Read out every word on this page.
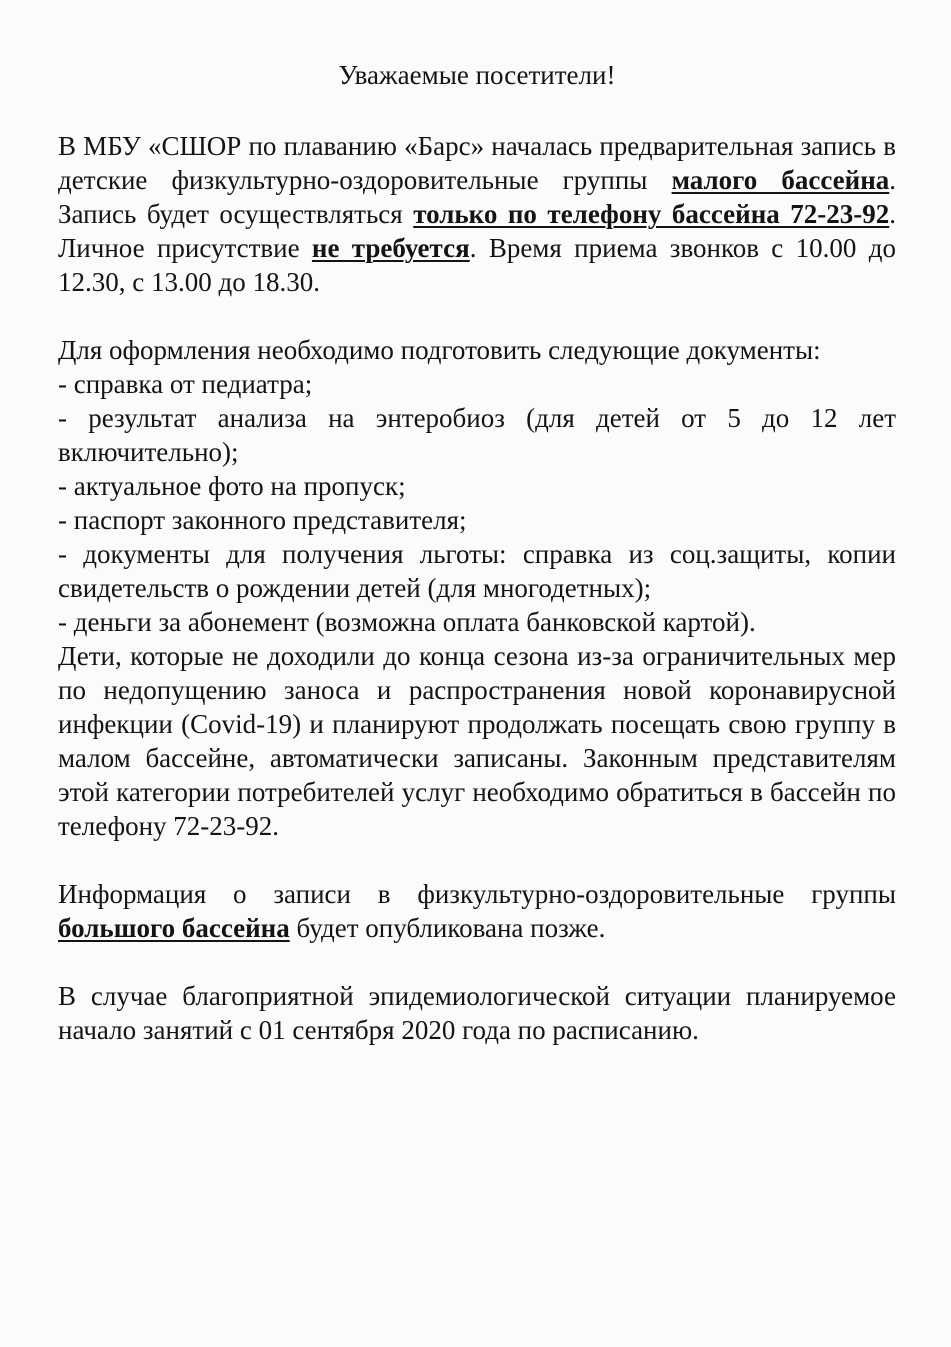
Уважаемые посетители!

В МБУ «СШОР по плаванию «Барс» началась предварительная запись в детские физкультурно-оздоровительные группы малого бассейна. Запись будет осуществляться только по телефону бассейна 72-23-92. Личное присутствие не требуется. Время приема звонков с 10.00 до 12.30, с 13.00 до 18.30.

Для оформления необходимо подготовить следующие документы:

- справка от педиатра;
- результат анализа на энтеробиоз (для детей от 5 до 12 лет включительно);
- актуальное фото на пропуск;
- паспорт законного представителя;
- документы для получения льготы: справка из соц.защиты, копии свидетельств о рождении детей (для многодетных);
- деньги за абонемент (возможна оплата банковской картой).

Дети, которые не доходили до конца сезона из-за ограничительных мер по недопущению заноса и распространения новой коронавирусной инфекции (Covid-19) и планируют продолжать посещать свою группу в малом бассейне, автоматически записаны. Законным представителям этой категории потребителей услуг необходимо обратиться в бассейн по телефону 72-23-92.

Информация о записи в физкультурно-оздоровительные группы большого бассейна будет опубликована позже.

В случае благоприятной эпидемиологической ситуации планируемое начало занятий с 01 сентября 2020 года по расписанию.
